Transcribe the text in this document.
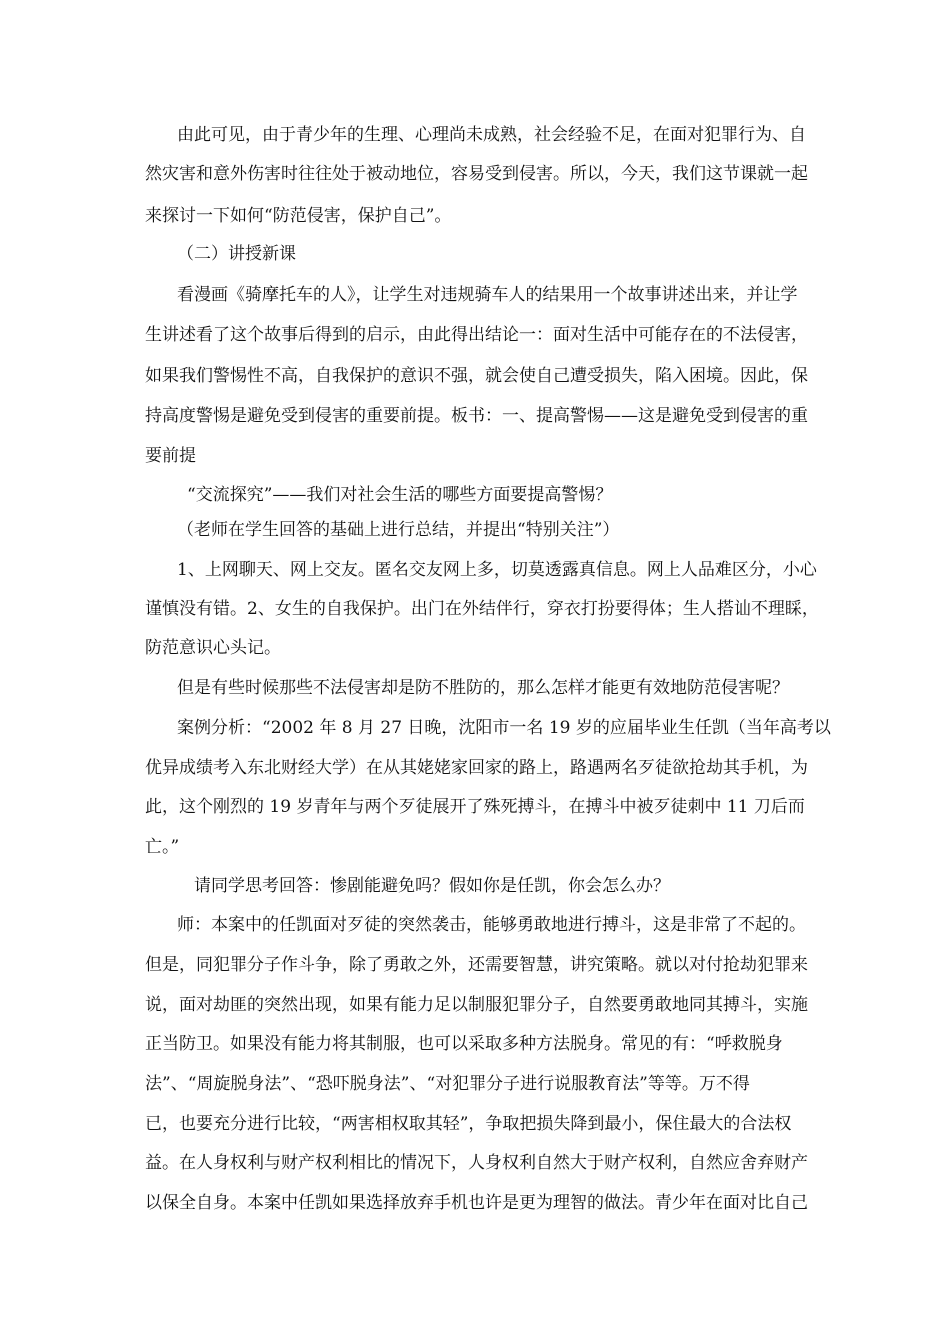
由此可见，由于青少年的生理、心理尚未成熟，社会经验不足，在面对犯罪行为、自
然灾害和意外伤害时往往处于被动地位，容易受到侵害。所以，今天，我们这节课就一起
来探讨一下如何“防范侵害，保护自己”。
（二）讲授新课
看漫画《骑摩托车的人》，让学生对违规骑车人的结果用一个故事讲述出来，并让学
生讲述看了这个故事后得到的启示，由此得出结论一：面对生活中可能存在的不法侵害，
如果我们警惕性不高，自我保护的意识不强，就会使自己遭受损失，陷入困境。因此，保
持高度警惕是避免受到侵害的重要前提。板书：一、提高警惕——这是避免受到侵害的重
要前提
“交流探究”——我们对社会生活的哪些方面要提高警惕？
（老师在学生回答的基础上进行总结，并提出“特别关注”）
1、上网聊天、网上交友。匿名交友网上多，切莫透露真信息。网上人品难区分，小心
谨慎没有错。2、女生的自我保护。出门在外结伴行，穿衣打扮要得体；生人搭讪不理睬，
防范意识心头记。
但是有些时候那些不法侵害却是防不胜防的，那么怎样才能更有效地防范侵害呢？
案例分析：“2002 年 8 月 27 日晚，沈阳市一名 19 岁的应届毕业生任凯（当年高考以
优异成绩考入东北财经大学）在从其姥姥家回家的路上，路遇两名歹徒欲抢劫其手机，为
此，这个刚烈的 19 岁青年与两个歹徒展开了殊死搏斗，在搏斗中被歹徒刺中 11 刀后而
亡。”
请同学思考回答：惨剧能避免吗？假如你是任凯，你会怎么办？
师：本案中的任凯面对歹徒的突然袭击，能够勇敢地进行搏斗，这是非常了不起的。
但是，同犯罪分子作斗争，除了勇敢之外，还需要智慧，讲究策略。就以对付抢劫犯罪来
说，面对劫匪的突然出现，如果有能力足以制服犯罪分子，自然要勇敢地同其搏斗，实施
正当防卫。如果没有能力将其制服，也可以采取多种方法脱身。常见的有：“呼救脱身
法”、“周旋脱身法”、“恐吓脱身法”、“对犯罪分子进行说服教育法”等等。万不得
已，也要充分进行比较，“两害相权取其轻”，争取把损失降到最小，保住最大的合法权
益。在人身权利与财产权利相比的情况下，人身权利自然大于财产权利，自然应舍弃财产
以保全自身。本案中任凯如果选择放弃手机也许是更为理智的做法。青少年在面对比自己
